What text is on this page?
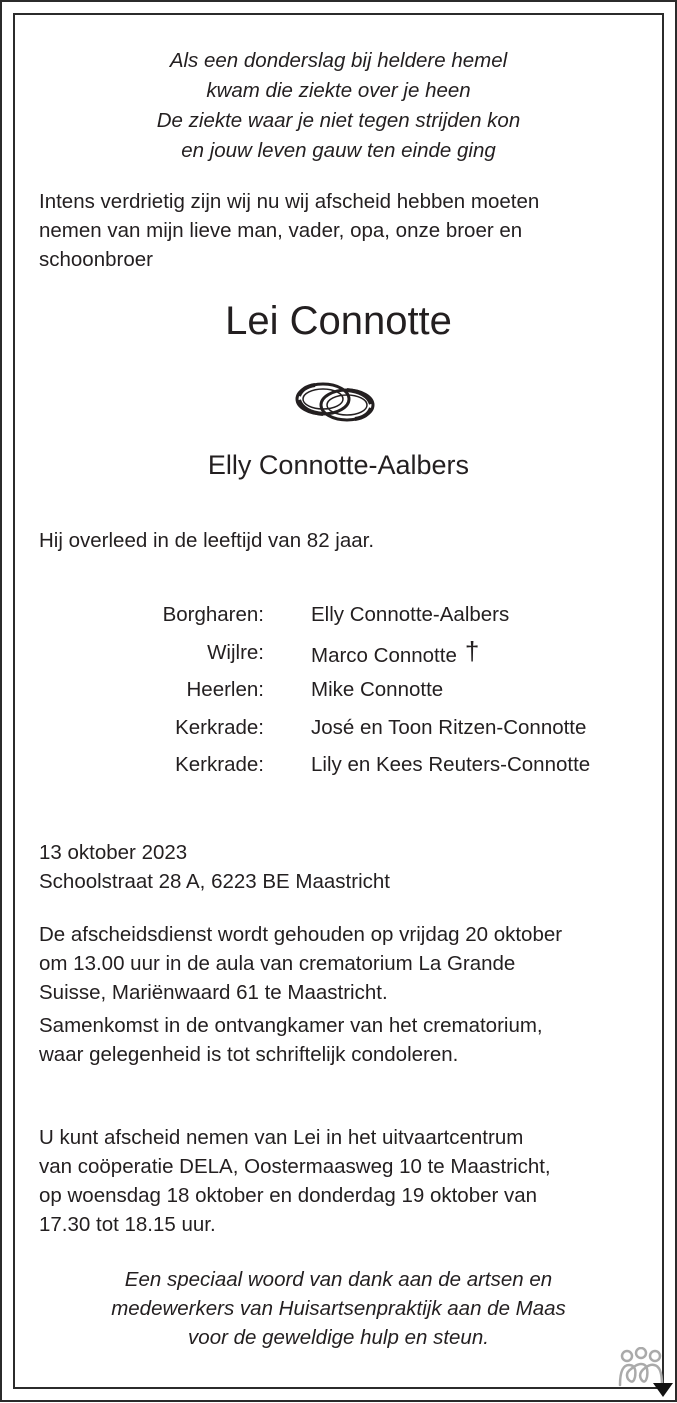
Als een donderslag bij heldere hemel
kwam die ziekte over je heen
De ziekte waar je niet tegen strijden kon
en jouw leven gauw ten einde ging
Intens verdrietig zijn wij nu wij afscheid hebben moeten
nemen van mijn lieve man, vader, opa, onze broer en
schoonbroer
Lei Connotte
Elly Connotte-Aalbers
Hij overleed in de leeftijd van 82 jaar.
Borgharen: Elly Connotte-Aalbers
Wijlre: Marco Connotte †
Heerlen: Mike Connotte
Kerkrade: José en Toon Ritzen-Connotte
Kerkrade: Lily en Kees Reuters-Connotte
13 oktober 2023
Schoolstraat 28 A, 6223 BE Maastricht
De afscheidsdienst wordt gehouden op vrijdag 20 oktober
om 13.00 uur in de aula van crematorium La Grande
Suisse, Mariënwaard 61 te Maastricht.
Samenkomst in de ontvangkamer van het crematorium,
waar gelegenheid is tot schriftelijk condoleren.
U kunt afscheid nemen van Lei in het uitvaartcentrum
van coöperatie DELA, Oostermaasweg 10 te Maastricht,
op woensdag 18 oktober en donderdag 19 oktober van
17.30 tot 18.15 uur.
Een speciaal woord van dank aan de artsen en
medewerkers van Huisartsenpraktijk aan de Maas
voor de geweldige hulp en steun.
